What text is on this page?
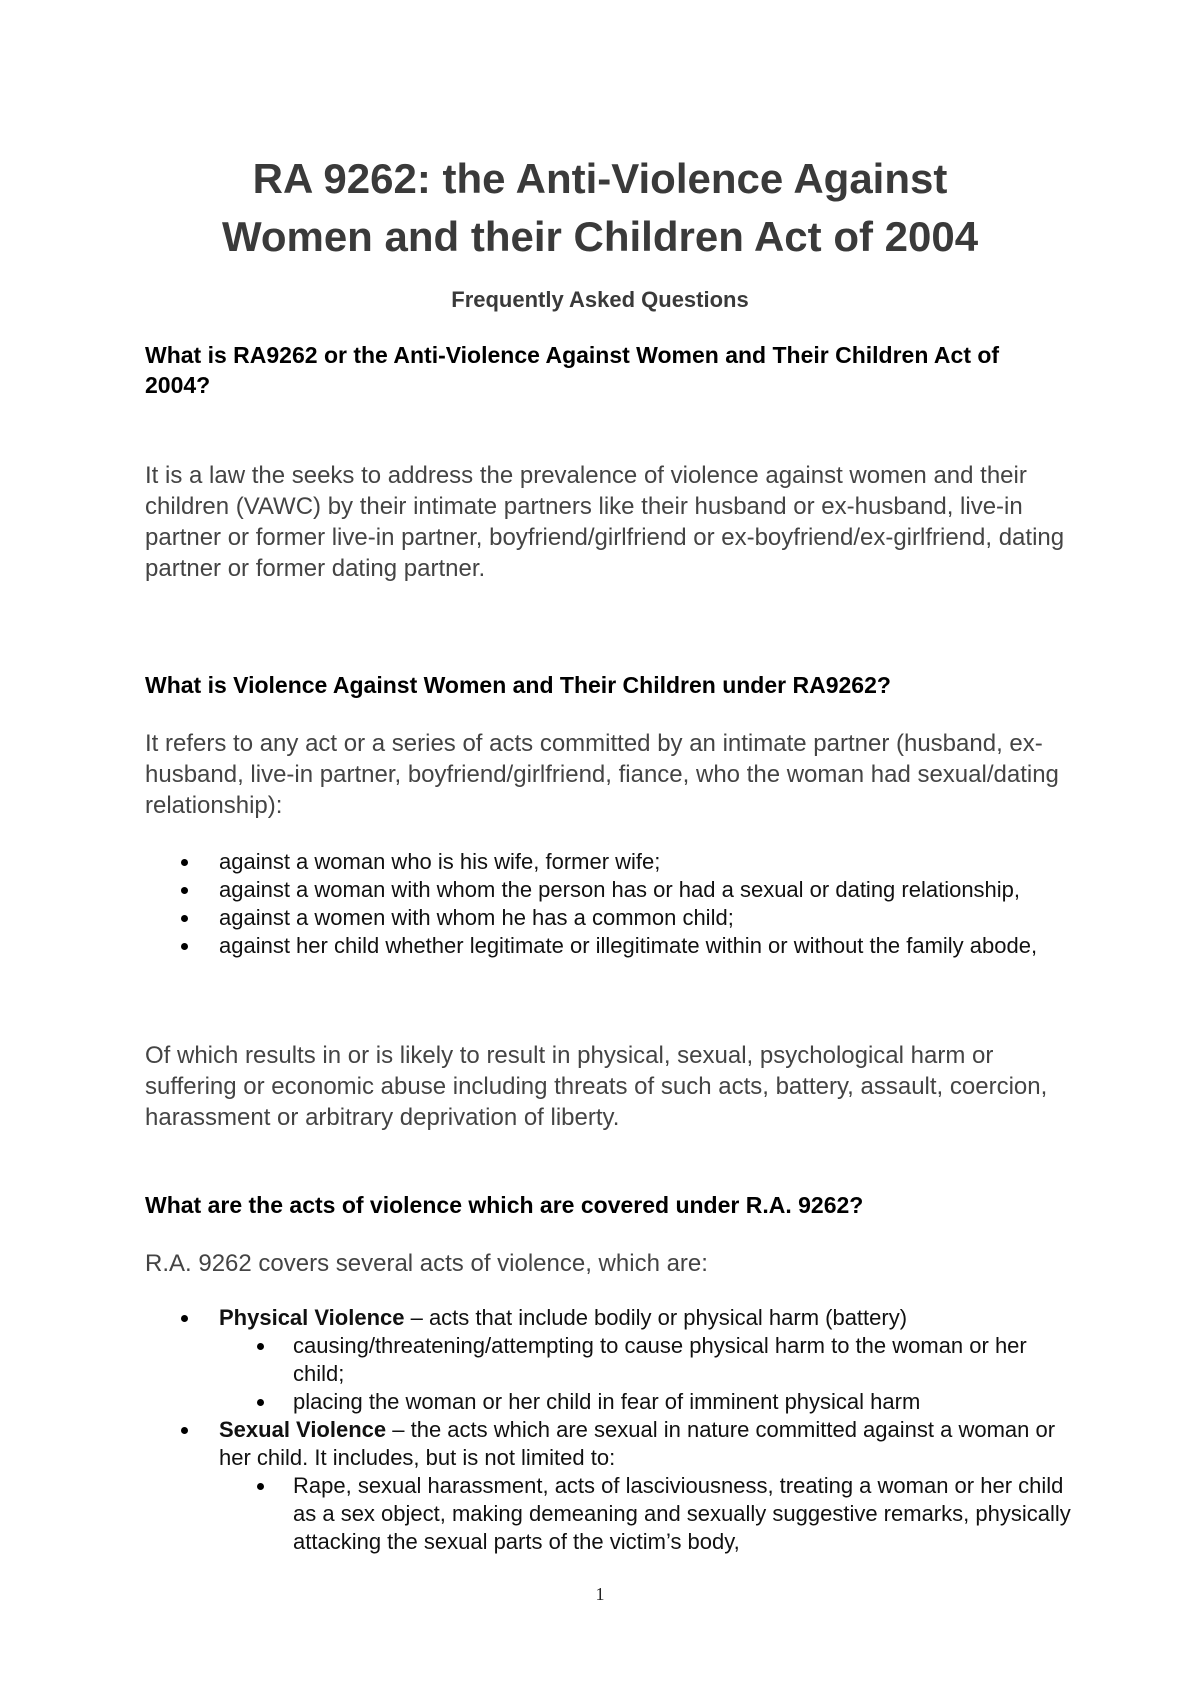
RA 9262: the Anti-Violence Against
Women and their Children Act of 2004

Frequently Asked Questions

What is RA9262 or the Anti-Violence Against Women and Their Children Act of 2004?

It is a law the seeks to address the prevalence of violence against women and their children (VAWC) by their intimate partners like their husband or ex-husband, live-in partner or former live-in partner, boyfriend/girlfriend or ex-boyfriend/ex-girlfriend, dating partner or former dating partner.

What is Violence Against Women and Their Children under RA9262?

It refers to any act or a series of acts committed by an intimate partner (husband, ex-husband, live-in partner, boyfriend/girlfriend, fiance, who the woman had sexual/dating relationship):

against a woman who is his wife, former wife;
against a woman with whom the person has or had a sexual or dating relationship,
against a women with whom he has a common child;
against her child whether legitimate or illegitimate within or without the family abode,

Of which results in or is likely to result in physical, sexual, psychological harm or suffering or economic abuse including threats of such acts, battery, assault, coercion, harassment or arbitrary deprivation of liberty.

What are the acts of violence which are covered under R.A. 9262?

R.A. 9262 covers several acts of violence, which are:

Physical Violence – acts that include bodily or physical harm (battery)
causing/threatening/attempting to cause physical harm to the woman or her child;
placing the woman or her child in fear of imminent physical harm
Sexual Violence – the acts which are sexual in nature committed against a woman or her child. It includes, but is not limited to:
Rape, sexual harassment, acts of lasciviousness, treating a woman or her child as a sex object, making demeaning and sexually suggestive remarks, physically attacking the sexual parts of the victim’s body,
1
